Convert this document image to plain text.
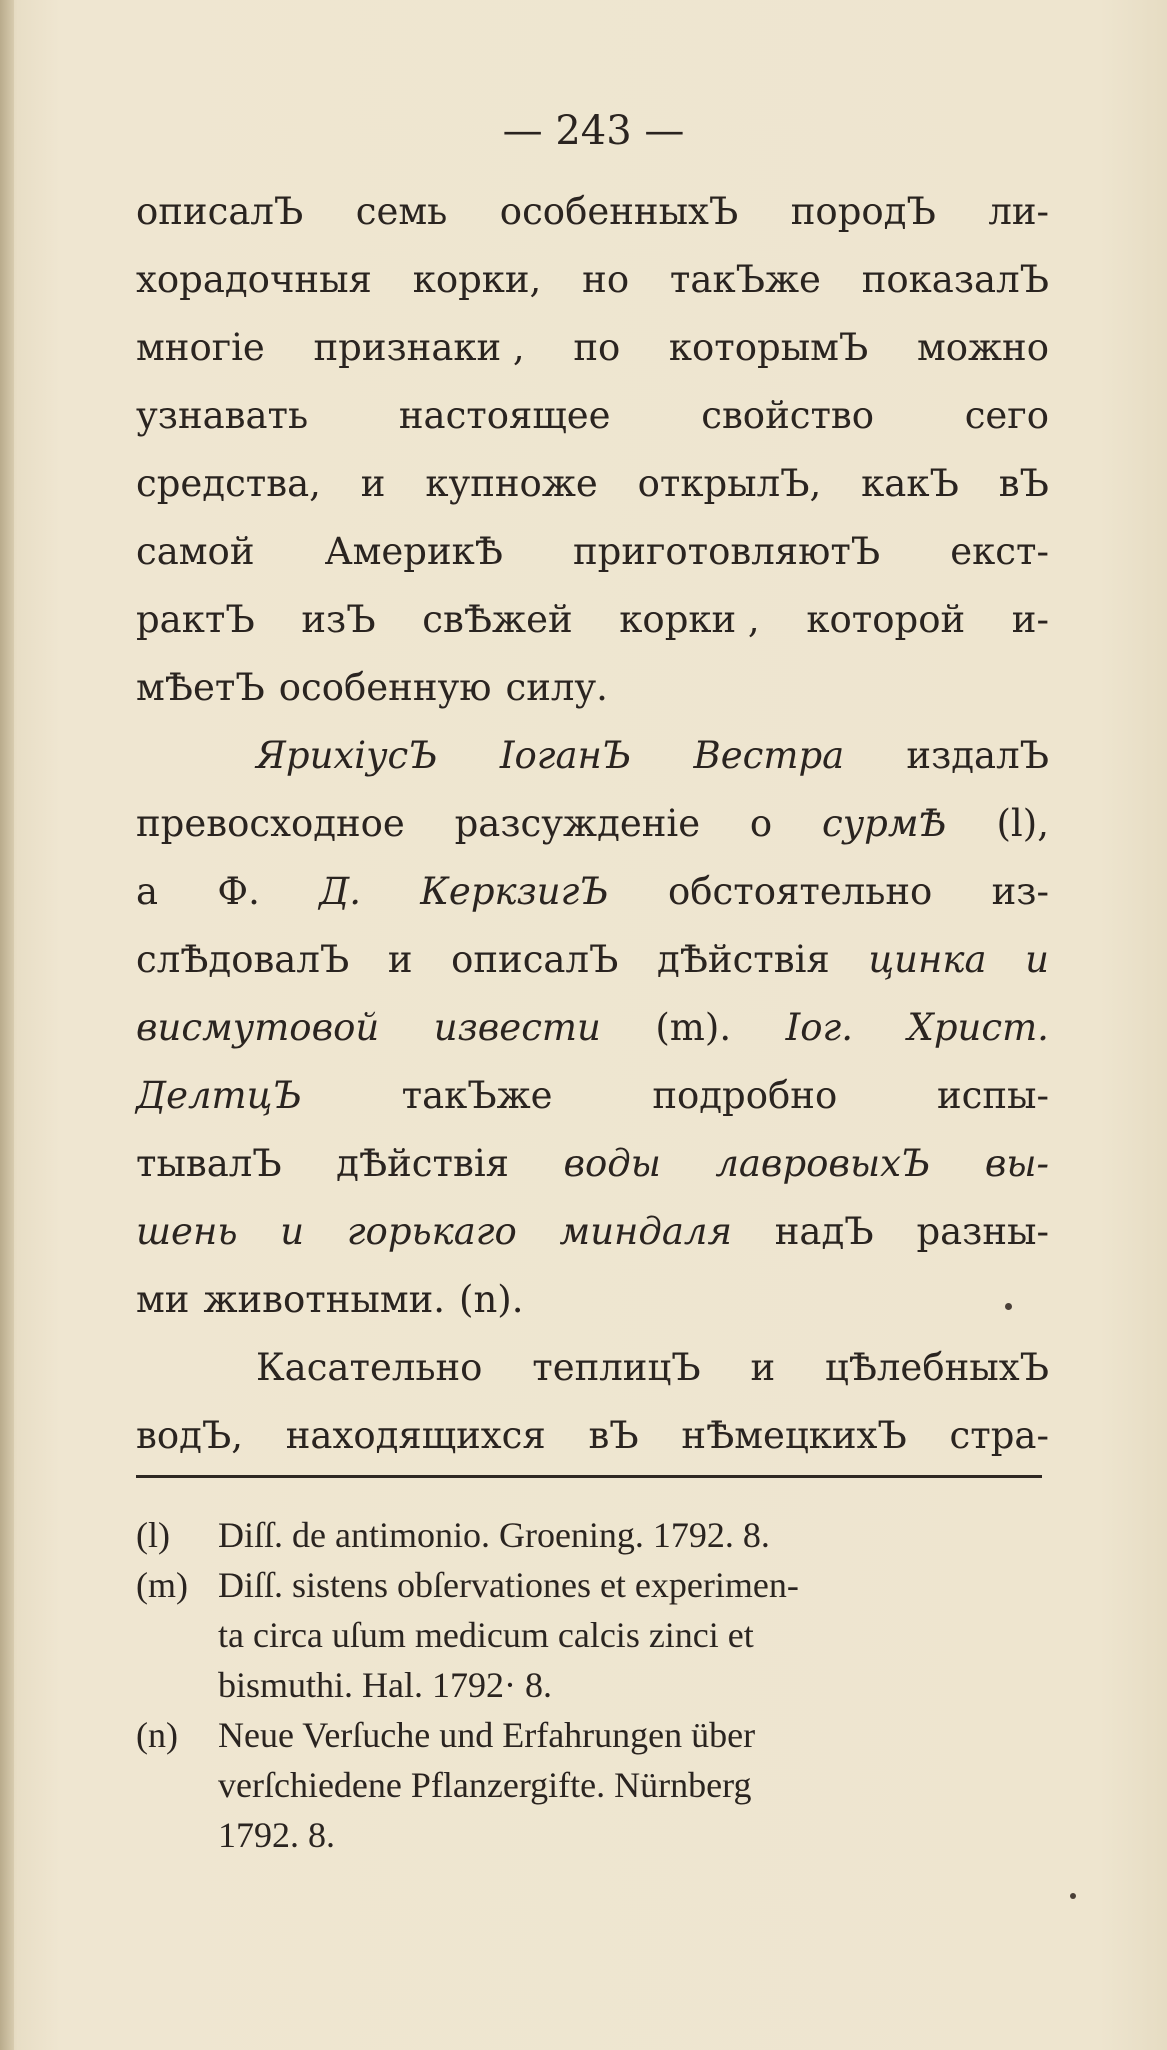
— 243 —
описалЪ семь особенныхЪ породЪ ли-
хорадочныя корки, но такЪже показалЪ
многіе признаки , по которымЪ можно
узнавать настоящее свойство сего
средства, и купножe открылЪ, какЪ вЪ
самой АмерикѢ приготовляютЪ екст-
рактЪ изЪ свѢжей корки , которой и-
мѢетЪ особенную силу.
ЯрихіусЪ ІоганЪ Вестра издалЪ
превосходное разсужденіе о сурмѢ (l),
а Ф. Д. КеркзигЪ обстоятельно из-
слѢдовалЪ и описалЪ дѢйствія цинка и
висмутовой извести (m). Іог. Христ.
ДелтцЪ	такЪже	подробно	испы-
тывалЪ дѢйствія воды лавровыхЪ вы-
шень и горькаго миндаля надЪ разны-
ми животными. (n).
Касательно теплицЪ и цѢлебныхЪ
водЪ, находящихся вЪ нѢмецкихЪ стра-
(l)	Diſſ. de antimonio. Groening. 1792. 8.
(m) Diſſ. sistens obſervationes et experimen-
ta circa uſum medicum calcis zinci et
bismuthi. Hal. 1792· 8.
(n)	Neue Verſuche und Erfahrungen über
verſchiedene Pflanzergifte. Nürnberg
1792. 8.
